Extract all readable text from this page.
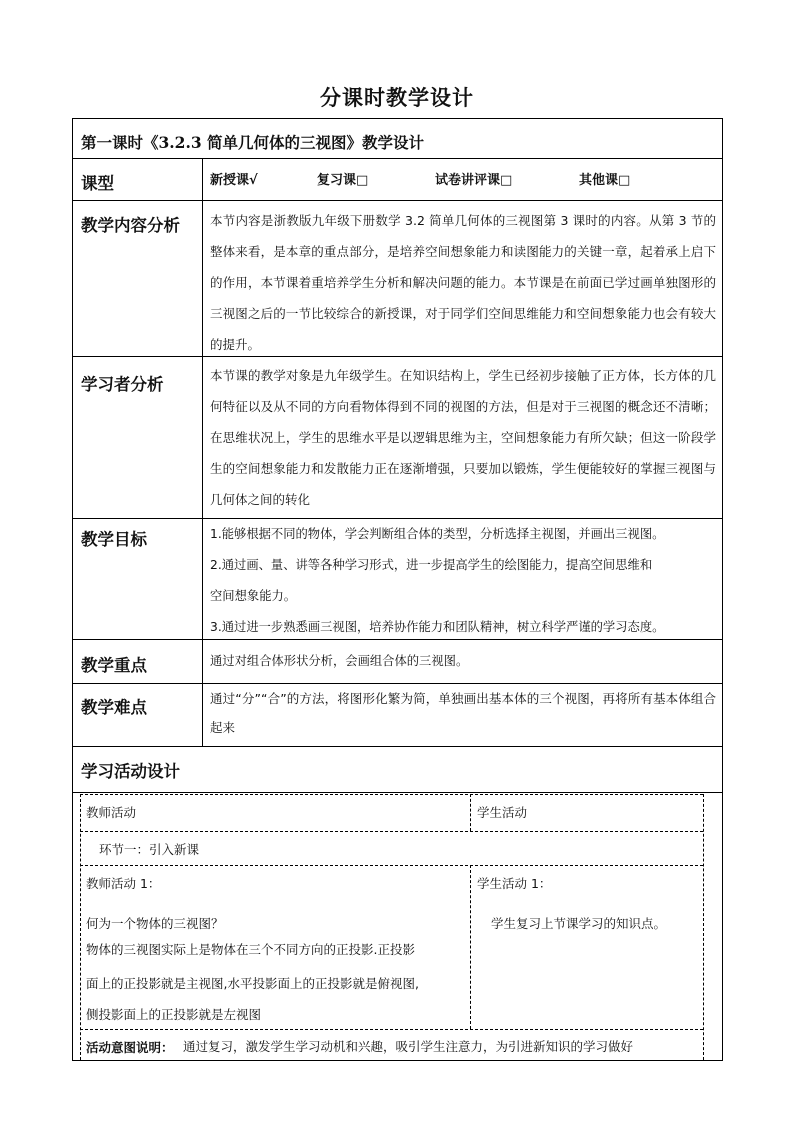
分课时教学设计
第一课时《3.2.3 简单几何体的三视图》教学设计
课型	新授课√	复习课□	试卷讲评课□	其他课□
教学内容分析 本节内容是浙教版九年级下册数学 3.2 简单几何体的三视图第 3 课时的内容。从第 3 节的整体来看，是本章的重点部分，是培养空间想象能力和读图能力的关键一章，起着承上启下的作用，本节课着重培养学生分析和解决问题的能力。本节课是在前面已学过画单独图形的三视图之后的一节比较综合的新授课，对于同学们空间思维能力和空间想象能力也会有较大的提升。
学习者分析	本节课的教学对象是九年级学生。在知识结构上，学生已经初步接触了正方体，长方体的几何特征以及从不同的方向看物体得到不同的视图的方法，但是对于三视图的概念还不清晰；在思维状况上，学生的思维水平是以逻辑思维为主，空间想象能力有所欠缺；但这一阶段学生的空间想象能力和发散能力正在逐渐增强，只要加以锻炼，学生便能较好的掌握三视图与几何体之间的转化
教学目标	1.能够根据不同的物体，学会判断组合体的类型，分析选择主视图，并画出三视图。
2.通过画、量、讲等各种学习形式，进一步提高学生的绘图能力，提高空间思维和
空间想象能力。
3.通过进一步熟悉画三视图，培养协作能力和团队精神，树立科学严谨的学习态度。
教学重点	通过对组合体形状分析，会画组合体的三视图。
教学难点	通过“分”“合”的方法，将图形化繁为简，单独画出基本体的三个视图，再将所有基本体组合起来
学习活动设计
教师活动	学生活动
环节一：引入新课
教师活动 1：
何为一个物体的三视图？
物体的三视图实际上是物体在三个不同方向的正投影.正投影
面上的正投影就是主视图,水平投影面上的正投影就是俯视图,
侧投影面上的正投影就是左视图
学生活动 1：
学生复习上节课学习的知识点。
活动意图说明： 通过复习，激发学生学习动机和兴趣，吸引学生注意力，为引进新知识的学习做好
